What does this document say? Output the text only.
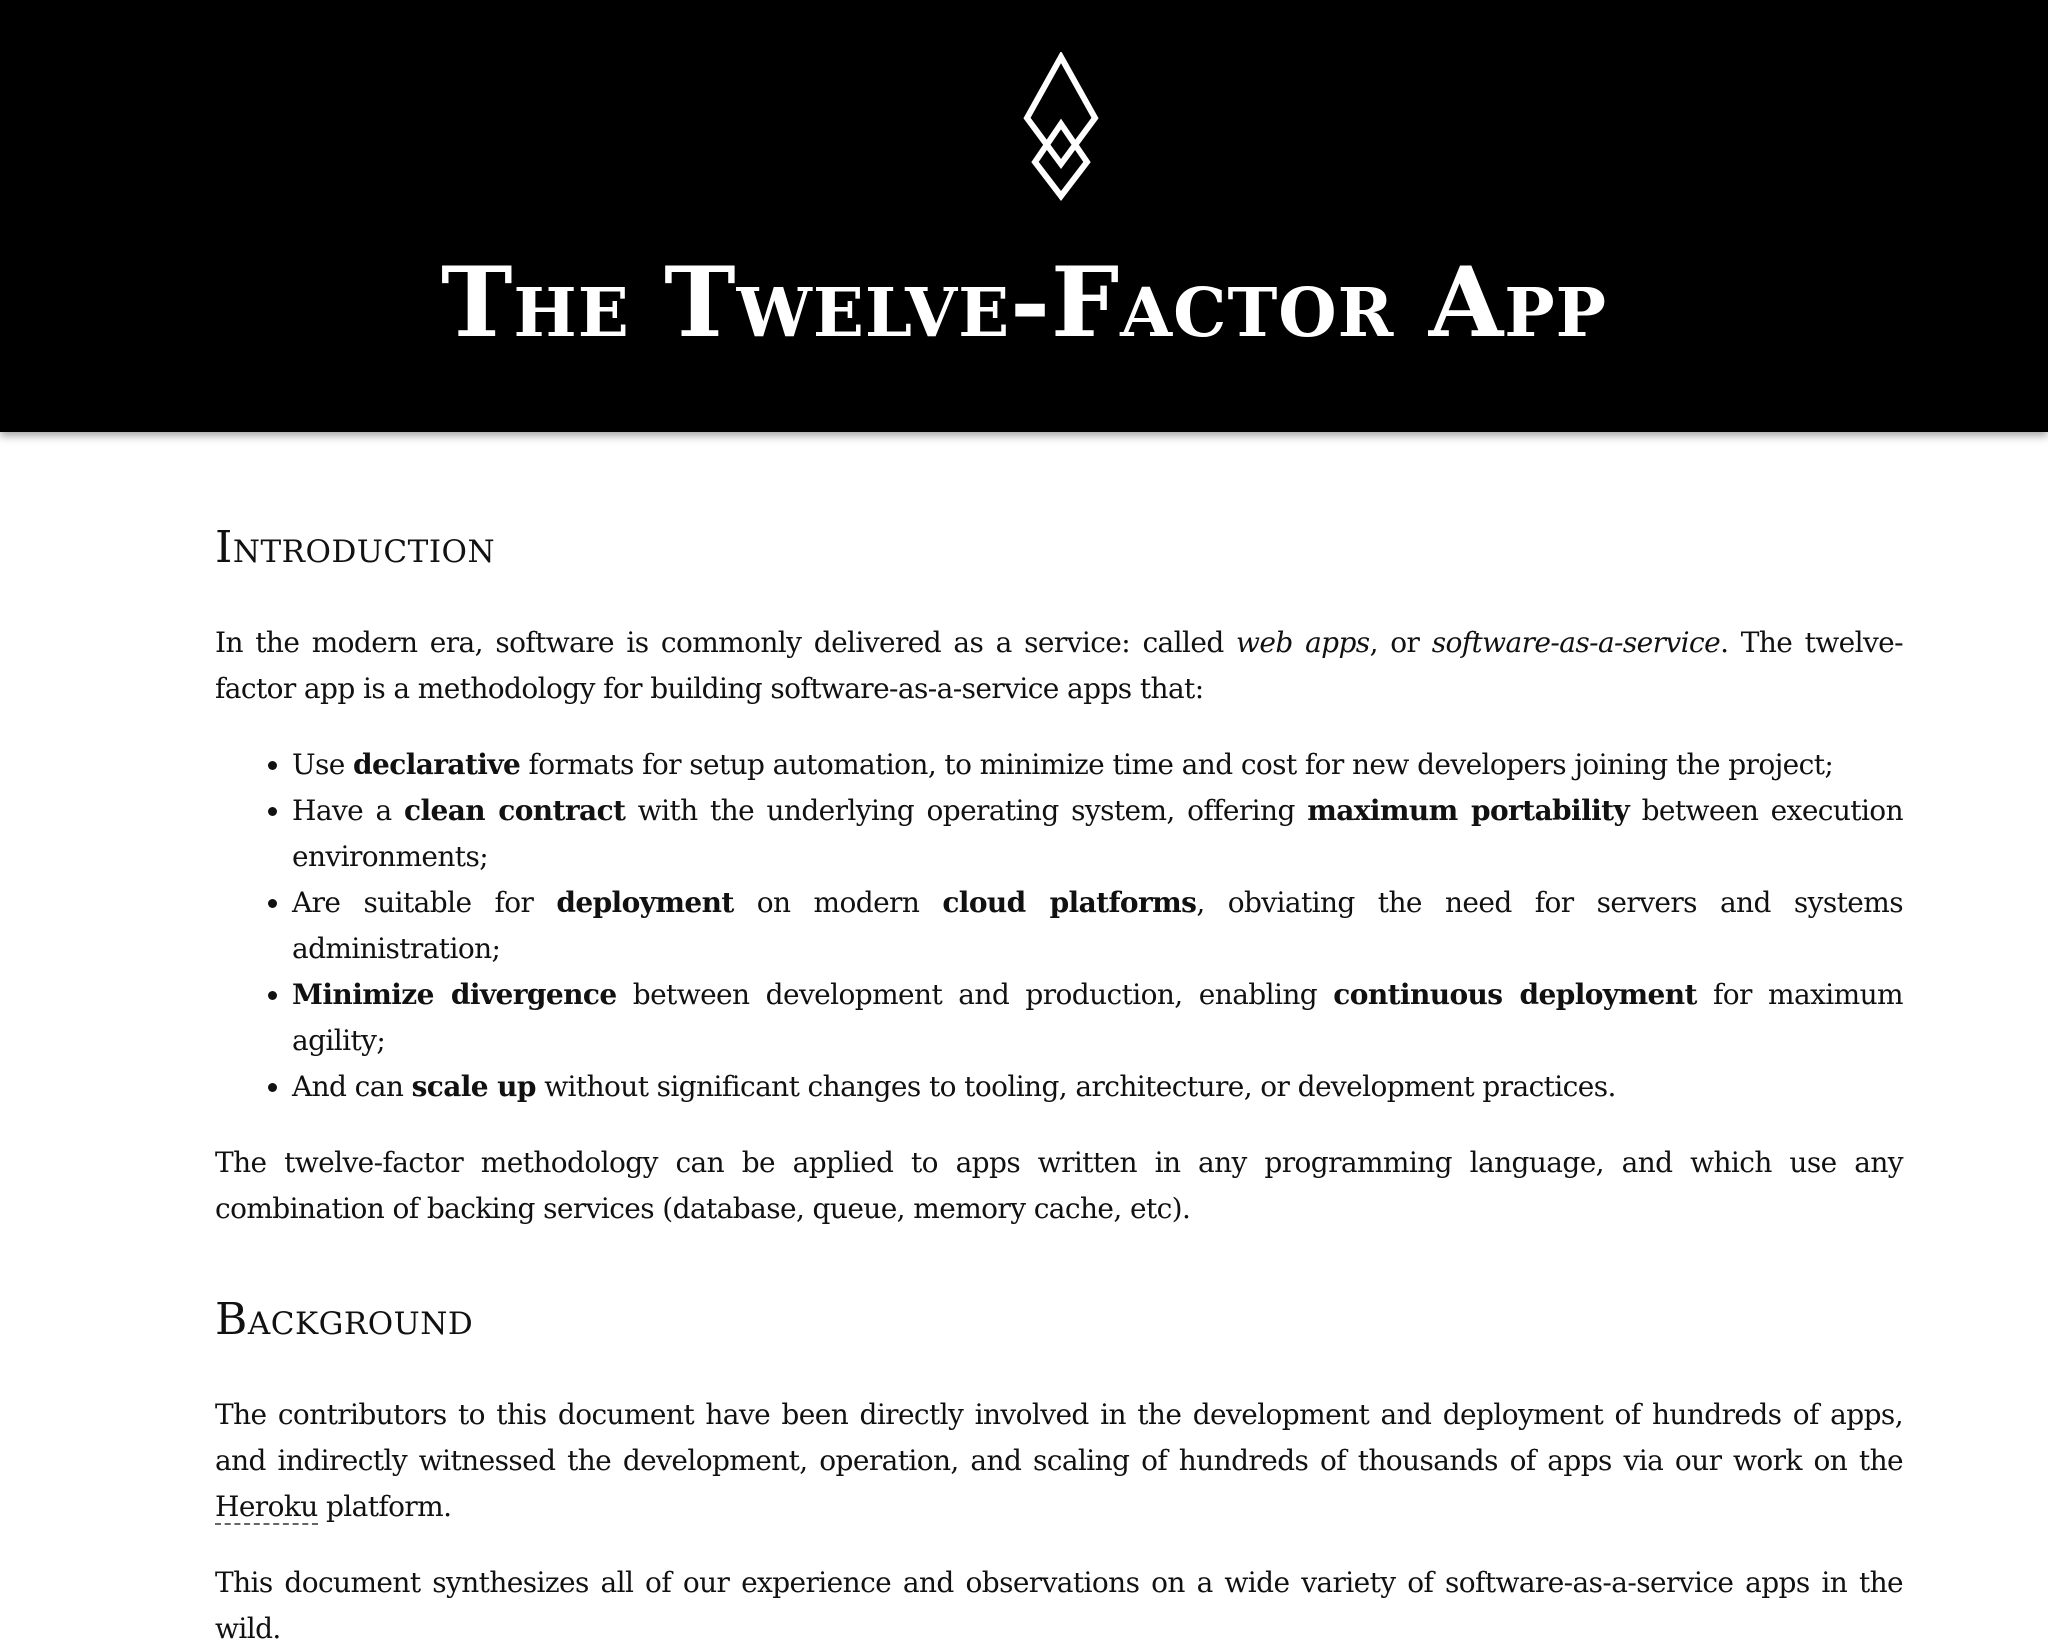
The Twelve-Factor App
Introduction

In the modern era, software is commonly delivered as a service: called web apps, or software-as-a-service. The twelve-factor app is a methodology for building software-as-a-service apps that:

• Use declarative formats for setup automation, to minimize time and cost for new developers joining the project;
• Have a clean contract with the underlying operating system, offering maximum portability between execution environments;
• Are suitable for deployment on modern cloud platforms, obviating the need for servers and systems administration;
• Minimize divergence between development and production, enabling continuous deployment for maximum agility;
• And can scale up without significant changes to tooling, architecture, or development practices.

The twelve-factor methodology can be applied to apps written in any programming language, and which use any combination of backing services (database, queue, memory cache, etc).

Background

The contributors to this document have been directly involved in the development and deployment of hundreds of apps, and indirectly witnessed the development, operation, and scaling of hundreds of thousands of apps via our work on the Heroku platform.

This document synthesizes all of our experience and observations on a wide variety of software-as-a-service apps in the wild.
